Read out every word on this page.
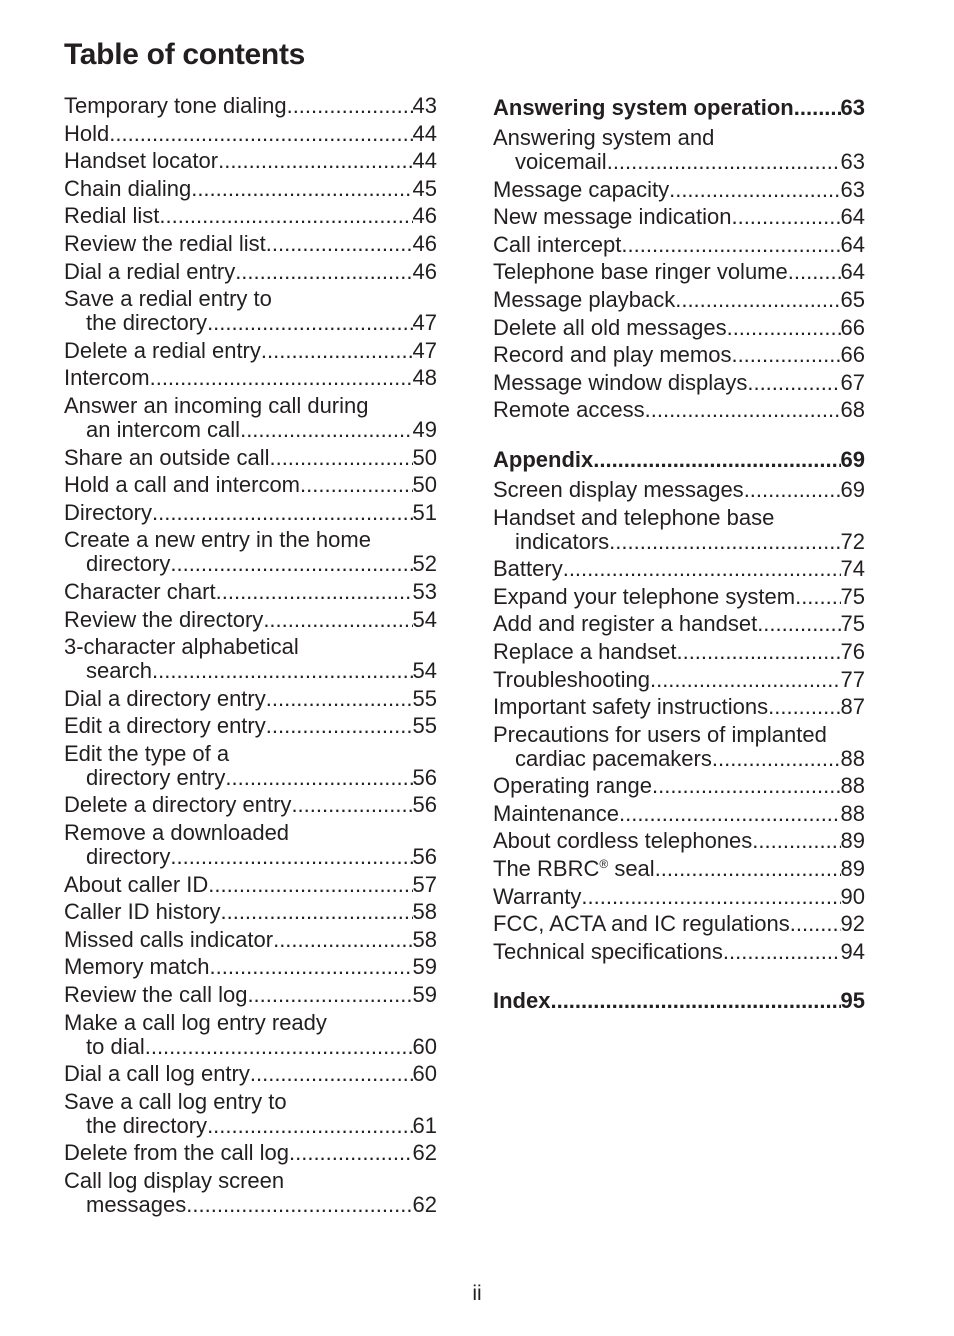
Table of contents
Temporary tone dialing .....	43
Hold .....	44
Handset locator .....	44
Chain dialing .....	45
Redial list .....	46
Review the redial list .....	46
Dial a redial entry .....	46
Save a redial entry to
the directory .....	47
Delete a redial entry .....	47
Intercom .....	48
Answer an incoming call during
an intercom call .....	49
Share an outside call .....	50
Hold a call and intercom .....	50
Directory .....	51
Create a new entry in the home
directory .....	52
Character chart .....	53
Review the directory .....	54
3-character alphabetical
search .....	54
Dial a directory entry .....	55
Edit a directory entry .....	55
Edit the type of a
directory entry .....	56
Delete a directory entry .....	56
Remove a downloaded
directory .....	56
About caller ID .....	57
Caller ID history .....	58
Missed calls indicator .....	58
Memory match .....	59
Review the call log .....	59
Make a call log entry ready
to dial .....	60
Dial a call log entry .....	60
Save a call log entry to
the directory .....	61
Delete from the call log .....	62
Call log display screen
messages .....	62
Answering system operation ..... 63
Answering system and
voicemail .....	63
Message capacity .....	63
New message indication .....	64
Call intercept .....	64
Telephone base ringer volume ..... 64
Message playback .....	65
Delete all old messages .....	66
Record and play memos .....	66
Message window displays .....	67
Remote access .....	68
Appendix .....	69
Screen display messages .....	69
Handset and telephone base
indicators .....	72
Battery .....	74
Expand your telephone system ..... 75
Add and register a handset .....	75
Replace a handset .....	76
Troubleshooting .....	77
Important safety instructions .....	87
Precautions for users of implanted
cardiac pacemakers .....	88
Operating range .....	88
Maintenance .....	88
About cordless telephones .....	89
The RBRC® seal .....	89
Warranty .....	90
FCC, ACTA and IC regulations ..... 92
Technical specifications .....	94
Index .....	95
ii
